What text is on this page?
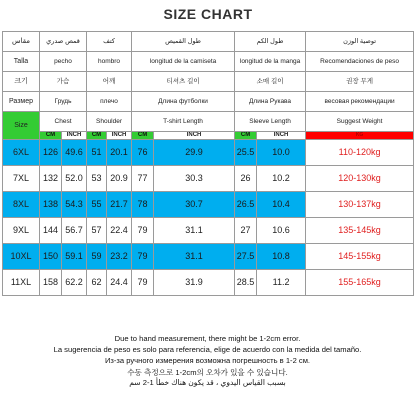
SIZE CHART
مقاس	قمص صدري		كتف		طول القميص		طول الكم		توصية الوزن
Talla	pecho		hombro		longitud de la camiseta		longitud de la manga		Recomendaciones de peso
크기	가슴		어깨		티셔츠 길이		소매 길이		권장 무게
Размер	Грудь		плечо		Длина футболки		Длина Рукава		весовая рекомендации
Size	Chest		Shoulder		T-shirt Length		Sleeve Length		Suggest Weight
	CM	INCH	CM	INCH	CM	INCH	CM	INCH	KG
6XL	126	49.6	51	20.1	76	29.9	25.5	10.0	110-120kg
7XL	132	52.0	53	20.9	77	30.3	26	10.2	120-130kg
8XL	138	54.3	55	21.7	78	30.7	26.5	10.4	130-137kg
9XL	144	56.7	57	22.4	79	31.1	27	10.6	135-145kg
10XL	150	59.1	59	23.2	79	31.1	27.5	10.8	145-155kg
11XL	158	62.2	62	24.4	79	31.9	28.5	11.2	155-165kg
Due to hand measurement, there might be 1-2cm error.
La sugerencia de peso es solo para referencia, elige de acuerdo con la medida del tamaño.
Из-за ручного измерения возможна погрешность в 1-2 см.
수동 측정으로 1-2cm의 오차가 있을 수 있습니다.
بسبب القياس اليدوي ، قد يكون هناك خطأ 1-2 سم
